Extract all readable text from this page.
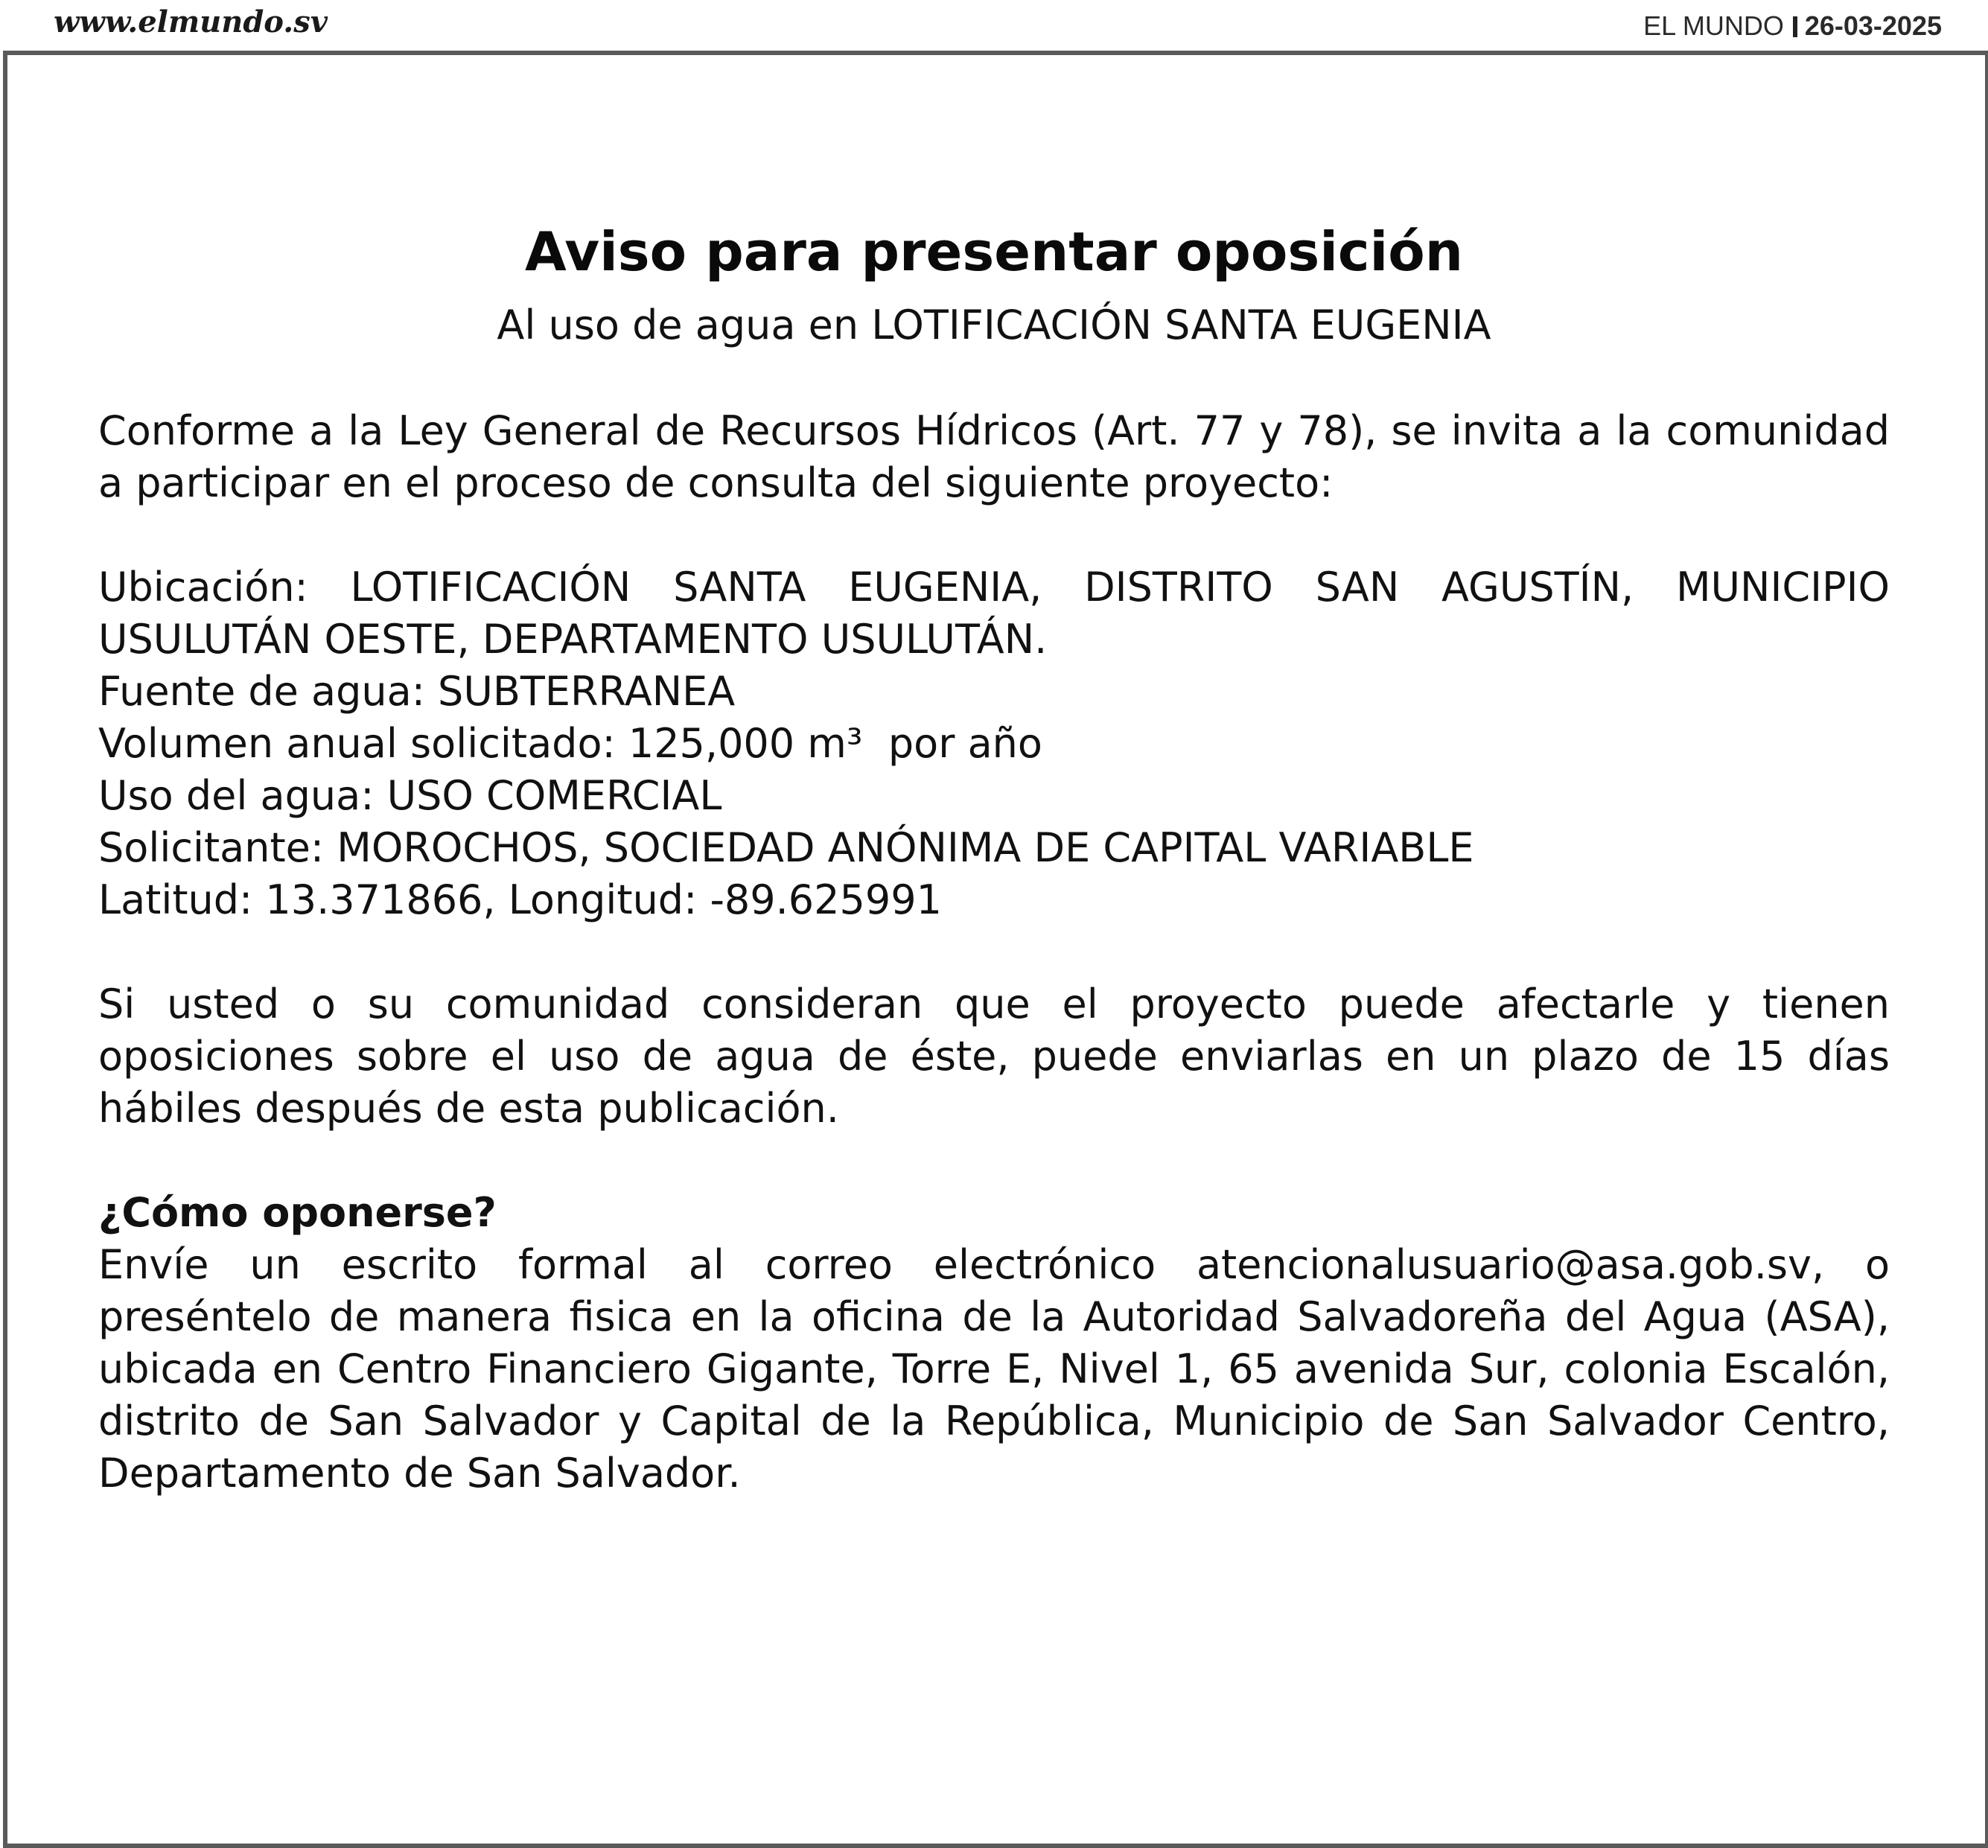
www.elmundo.sv	EL MUNDO 26-03-2025
Aviso para presentar oposición

Al uso de agua en LOTIFICACIÓN SANTA EUGENIA

Conforme a la Ley General de Recursos Hídricos (Art. 77 y 78), se invita a la comunidad a participar en el proceso de consulta del siguiente proyecto:

Ubicación: LOTIFICACIÓN SANTA EUGENIA, DISTRITO SAN AGUSTÍN, MUNICIPIO USULUTÁN OESTE, DEPARTAMENTO USULUTÁN.
Fuente de agua: SUBTERRANEA
Volumen anual solicitado: 125,000 m³  por año
Uso del agua: USO COMERCIAL
Solicitante: MOROCHOS, SOCIEDAD ANÓNIMA DE CAPITAL VARIABLE
Latitud: 13.371866, Longitud: -89.625991

Si usted o su comunidad consideran que el proyecto puede afectarle y tienen oposiciones sobre el uso de agua de éste, puede enviarlas en un plazo de 15 días hábiles después de esta publicación.

¿Cómo oponerse?

Envíe un escrito formal al correo electrónico atencionalusuario@asa.gob.sv, o preséntelo de manera fisica en la oficina de la Autoridad Salvadoreña del Agua (ASA), ubicada en Centro Financiero Gigante, Torre E, Nivel 1, 65 avenida Sur, colonia Escalón, distrito de San Salvador y Capital de la República, Municipio de San Salvador Centro, Departamento de San Salvador.
